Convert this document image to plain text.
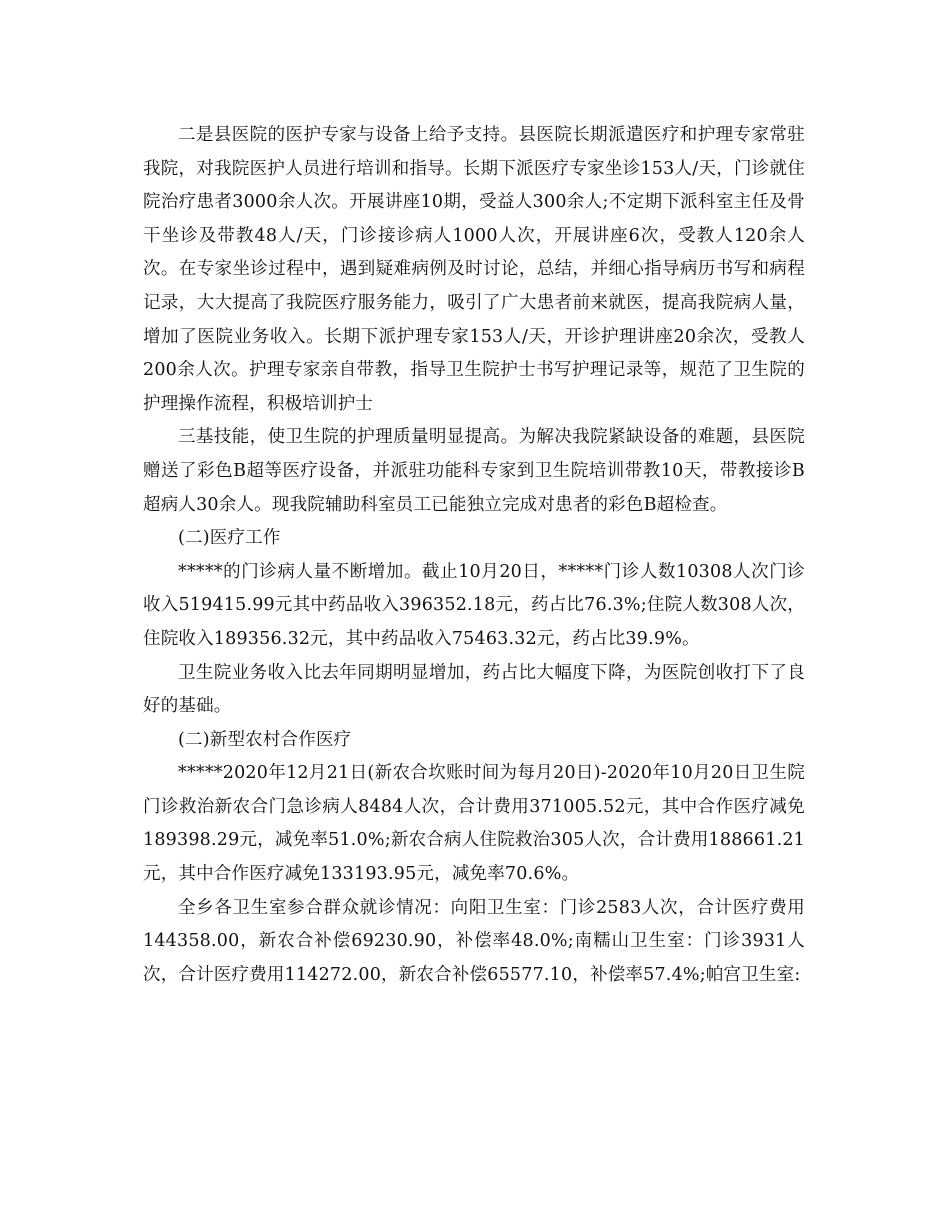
二是县医院的医护专家与设备上给予支持。县医院长期派遣医疗和护理专家常驻我院，对我院医护人员进行培训和指导。长期下派医疗专家坐诊153人/天，门诊就住院治疗患者3000余人次。开展讲座10期，受益人300余人;不定期下派科室主任及骨干坐诊及带教48人/天，门诊接诊病人1000人次，开展讲座6次，受教人120余人次。在专家坐诊过程中，遇到疑难病例及时讨论，总结，并细心指导病历书写和病程记录，大大提高了我院医疗服务能力，吸引了广大患者前来就医，提高我院病人量，增加了医院业务收入。长期下派护理专家153人/天，开诊护理讲座20余次，受教人200余人次。护理专家亲自带教，指导卫生院护士书写护理记录等，规范了卫生院的护理操作流程，积极培训护士

三基技能，使卫生院的护理质量明显提高。为解决我院紧缺设备的难题，县医院赠送了彩色B超等医疗设备，并派驻功能科专家到卫生院培训带教10天，带教接诊B超病人30余人。现我院辅助科室员工已能独立完成对患者的彩色B超检查。

(二)医疗工作

*****的门诊病人量不断增加。截止10月20日，*****门诊人数10308人次门诊收入519415.99元其中药品收入396352.18元，药占比76.3%;住院人数308人次，住院收入189356.32元，其中药品收入75463.32元，药占比39.9%。

卫生院业务收入比去年同期明显增加，药占比大幅度下降，为医院创收打下了良好的基础。

(二)新型农村合作医疗

*****2020年12月21日(新农合坎账时间为每月20日)-2020年10月20日卫生院门诊救治新农合门急诊病人8484人次，合计费用371005.52元，其中合作医疗减免189398.29元，减免率51.0%;新农合病人住院救治305人次，合计费用188661.21元，其中合作医疗减免133193.95元，减免率70.6%。

全乡各卫生室参合群众就诊情况：向阳卫生室：门诊2583人次，合计医疗费用144358.00，新农合补偿69230.90，补偿率48.0%;南糯山卫生室：门诊3931人次，合计医疗费用114272.00，新农合补偿65577.10，补偿率57.4%;帕宫卫生室:
